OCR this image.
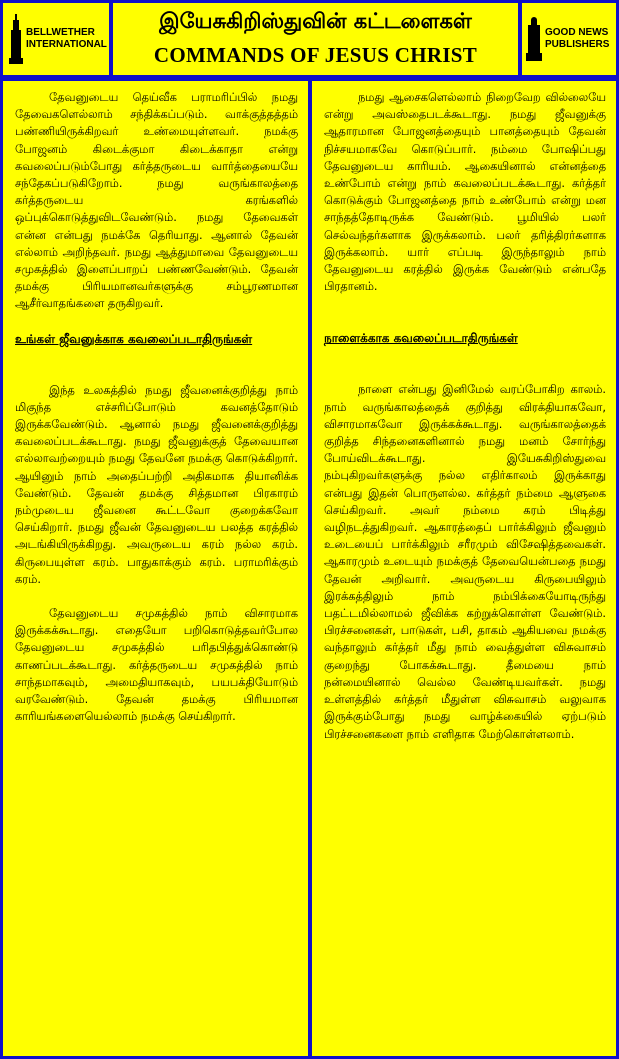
BELLWETHER
INTERNATIONAL
இயேசுகிறிஸ்துவின் கட்டளைகள்
COMMANDS OF JESUS CHRIST
GOOD NEWS
PUBLISHERS

தேவனுடைய தெய்வீக பராமரிப்பில் நமது தேவைகளெல்லாம் சந்திக்கப்படும். வாக்குத்தத்தம் பண்ணியிருக்கிறவர் உண்மையுள்ளவர். நமக்கு போஜனம் கிடைக்குமா கிடைக்காதா என்று கவலைப்படும்போது கர்த்தருடைய வார்த்தையையே சந்தேகப்படுகிறோம். நமது வருங்காலத்தை கர்த்தருடைய கரங்களில் ஒப்புக்கொடுத்துவிடவேண்டும். நமது தேவைகள் என்ன என்பது நமக்கே தெரியாது. ஆனால் தேவன் எல்லாம் அறிந்தவர். நமது ஆத்துமாவை தேவனுடைய சமுகத்தில் இளைப்பாறப் பண்ணவேண்டும். தேவன் தமக்கு பிரியமானவர்களுக்கு சம்பூரணமான ஆசீர்வாதங்களை தருகிறவர்.

உங்கள் ஜீவனுக்காக கவலைப்படாதிருங்கள்

இந்த உலகத்தில் நமது ஜீவனைக்குறித்து நாம் மிகுந்த எச்சரிப்போடும் கவனத்தோடும் இருக்கவேண்டும். ஆனால் நமது ஜீவனைக்குறித்து கவலைப்படக்கூடாது. நமது ஜீவனுக்குத் தேவையான எல்லாவற்றையும் நமது தேவனே நமக்கு கொடுக்கிறார். ஆயினும் நாம் அதைப்பற்றி அதிகமாக தியானிக்க வேண்டும். தேவன் தமக்கு சித்தமான பிரகாரம் நம்முடைய ஜீவனை கூட்டவோ குறைக்கவோ செய்கிறார். நமது ஜீவன் தேவனுடைய பலத்த கரத்தில் அடங்கியிருக்கிறது. அவருடைய கரம் நல்ல கரம். கிருபையுள்ள கரம். பாதுகாக்கும் கரம். பராமரிக்கும் கரம்.

தேவனுடைய சமுகத்தில் நாம் விசாரமாக இருக்கக்கூடாது. எதையோ பறிகொடுத்தவர்போல தேவனுடைய சமுகத்தில் பரிதபித்துக்கொண்டு காணப்படக்கூடாது. கர்த்தருடைய சமுகத்தில் நாம் சாந்தமாகவும், அமைதியாகவும், பயபக்தியோடும் வரவேண்டும். தேவன் தமக்கு பிரியமான காரியங்களையெல்லாம் நமக்கு செய்கிறார்.

நமது ஆசைகளெல்லாம் நிறைவேற வில்லையே என்று அவஸ்தைபடக்கூடாது. நமது ஜீவனுக்கு ஆதாரமான போஜனத்தையும் பானத்தையும் தேவன் நிச்சயமாகவே கொடுப்பார். நம்மை போஷிப்பது தேவனுடைய காரியம். ஆகையினால் என்னத்தை உண்போம் என்று நாம் கவலைப்படக்கூடாது. கர்த்தர் கொடுக்கும் போஜனத்தை நாம் உண்போம் என்று மன சாந்தத்தோடிருக்க வேண்டும். பூமியில் பலர் செல்வந்தர்களாக இருக்கலாம். பலர் தரித்திரர்களாக இருக்கலாம். யார் எப்படி இருந்தாலும் நாம் தேவனுடைய கரத்தில் இருக்க வேண்டும் என்பதே பிரதானம்.

நாளைக்காக கவலைப்படாதிருங்கள்

நாளை என்பது இனிமேல் வரப்போகிற காலம். நாம் வருங்காலத்தைக் குறித்து விரக்தியாகவோ, விசாரமாகவோ இருக்கக்கூடாது. வருங்காலத்தைக் குறித்த சிந்தனைகளினால் நமது மனம் சோர்ந்து போய்விடக்கூடாது. இயேசுகிறிஸ்துவை நம்புகிறவர்களுக்கு நல்ல எதிர்காலம் இருக்காது என்பது இதன் பொருளல்ல. கர்த்தர் நம்மை ஆளுகை செய்கிறவர். அவர் நம்மை கரம் பிடித்து வழிநடத்துகிறவர். ஆகாரத்தைப் பார்க்கிலும் ஜீவனும் உடையைப் பார்க்கிலும் சரீரமும் விசேஷித்தவைகள். ஆகாரமும் உடையும் நமக்குத் தேவையென்பதை நமது தேவன் அறிவார். அவருடைய கிருபையிலும் இரக்கத்திலும் நாம் நம்பிக்கையோடிருந்து பதட்டமில்லாமல் ஜீவிக்க கற்றுக்கொள்ள வேண்டும். பிரச்சனைகள், பாடுகள், பசி, தாகம் ஆகியவை நமக்கு வந்தாலும் கர்த்தர் மீது நாம் வைத்துள்ள விசுவாசம் குறைந்து போகக்கூடாது. தீமையை நாம் நன்மையினால் வெல்ல வேண்டியவர்கள். நமது உள்ளத்தில் கர்த்தர் மீதுள்ள விசுவாசம் வலுவாக இருக்கும்போது நமது வாழ்க்கையில் ஏற்படும் பிரச்சனைகளை நாம் எளிதாக மேற்கொள்ளலாம்.
